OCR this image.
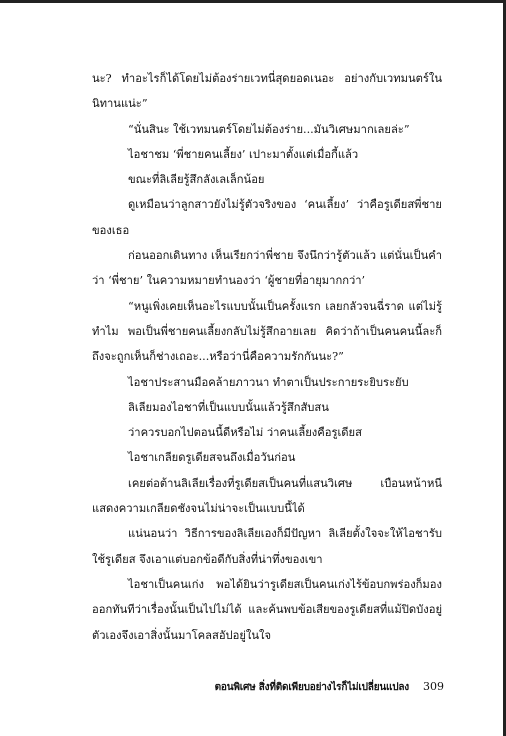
นะ? ทำอะไรก็ได้โดยไม่ต้องร่ายเวทนี่สุดยอดเนอะ อย่างกับเวทมนตร์ในนิทานแน่ะ”

“นั่นสินะ ใช้เวทมนตร์โดยไม่ต้องร่าย...มันวิเศษมากเลยล่ะ”

ไอชาชม ‘พี่ชายคนเลี้ยง’ เปาะมาตั้งแต่เมื่อกี้แล้ว

ขณะที่ลิเลียรู้สึกลังเลเล็กน้อย

ดูเหมือนว่าลูกสาวยังไม่รู้ตัวจริงของ ‘คนเลี้ยง’ ว่าคือรูเดียสพี่ชายของเธอ

ก่อนออกเดินทาง เห็นเรียกว่าพี่ชาย จึงนึกว่ารู้ตัวแล้ว แต่นั่นเป็นคำว่า ‘พี่ชาย’ ในความหมายทำนองว่า ‘ผู้ชายที่อายุมากกว่า’

“หนูเพิ่งเคยเห็นอะไรแบบนั้นเป็นครั้งแรก เลยกลัวจนฉี่ราด แต่ไม่รู้ทำไม พอเป็นพี่ชายคนเลี้ยงกลับไม่รู้สึกอายเลย คิดว่าถ้าเป็นคนคนนี้ละก็ ถึงจะถูกเห็นก็ช่างเถอะ...หรือว่านี่คือความรักกันนะ?”

ไอชาประสานมือคล้ายภาวนา ทำตาเป็นประกายระยิบระยับ

ลิเลียมองไอชาที่เป็นแบบนั้นแล้วรู้สึกสับสน

ว่าควรบอกไปตอนนี้ดีหรือไม่ ว่าคนเลี้ยงคือรูเดียส

ไอชาเกลียดรูเดียสจนถึงเมื่อวันก่อน

เคยต่อต้านลิเลียเรื่องที่รูเดียสเป็นคนที่แสนวิเศษ เบือนหน้าหนีแสดงความเกลียดชังจนไม่น่าจะเป็นแบบนี้ได้

แน่นอนว่า วิธีการของลิเลียเองก็มีปัญหา ลิเลียตั้งใจจะให้ไอชารับใช้รูเดียส จึงเอาแต่บอกข้อดีกับสิ่งที่น่าทึ่งของเขา

ไอชาเป็นคนเก่ง พอได้ยินว่ารูเดียสเป็นคนเก่งไร้ข้อบกพร่องก็มองออกทันทีว่าเรื่องนั้นเป็นไปไม่ได้ และค้นพบข้อเสียของรูเดียสที่แม้ปิดบังอยู่ ตัวเองจึงเอาสิ่งนั้นมาโคลสอัปอยู่ในใจ

ตอนพิเศษ สิ่งที่ติดเพียบอย่างไรก็ไม่เปลี่ยนแปลง 309
